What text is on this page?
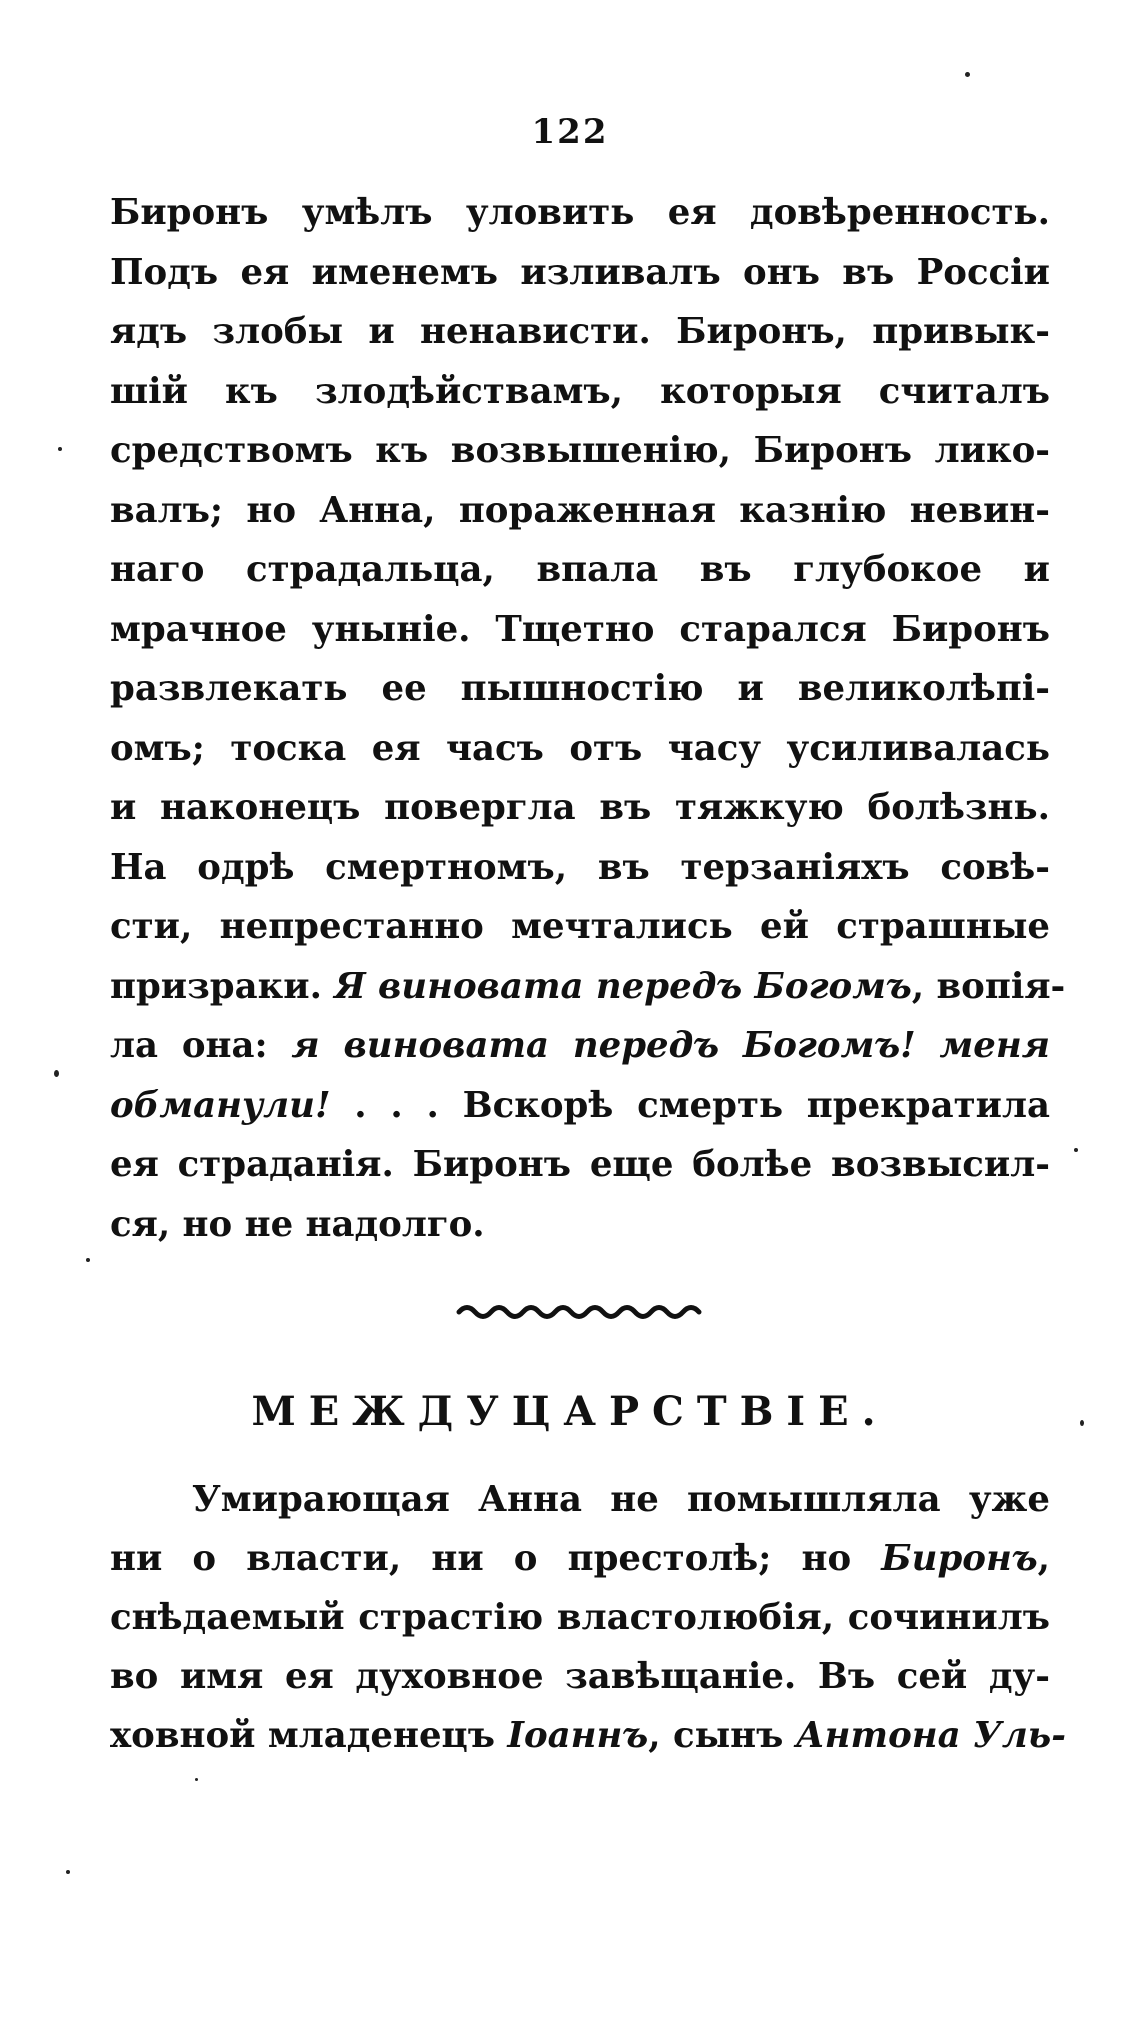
122
Биронъ умѣлъ уловить ея довѣренность.
Подъ ея именемъ изливалъ онъ въ Россіи
ядъ злобы и ненависти. Биронъ, привык-
шій къ злодѣйствамъ, которыя считалъ
средствомъ къ возвышенію, Биронъ лико-
валъ; но Анна, пораженная казнію невин-
наго страдальца, впала въ глубокое и
мрачное уныніе. Тщетно старался Биронъ
развлекать ее пышностію и великолѣпі-
омъ; тоска ея часъ отъ часу усиливалась
и наконецъ повергла въ тяжкую болѣзнь.
На одрѣ смертномъ, въ терзаніяхъ совѣ-
сти, непрестанно мечтались ей страшные
призраки. Я виновата передъ Богомъ, вопія-
ла она: я виновата передъ Богомъ! меня
обманули! . . . Вскорѣ смерть прекратила
ея страданія. Биронъ еще болѣе возвысил-
ся, но не надолго.
МЕЖДУЦАРСТВІЕ.
Умирающая Анна не помышляла уже
ни о власти, ни о престолѣ; но Биронъ,
снѣдаемый страстію властолюбія, сочинилъ
во имя ея духовное завѣщаніе. Въ сей ду-
ховной младенецъ Іоаннъ, сынъ Антона Уль-
